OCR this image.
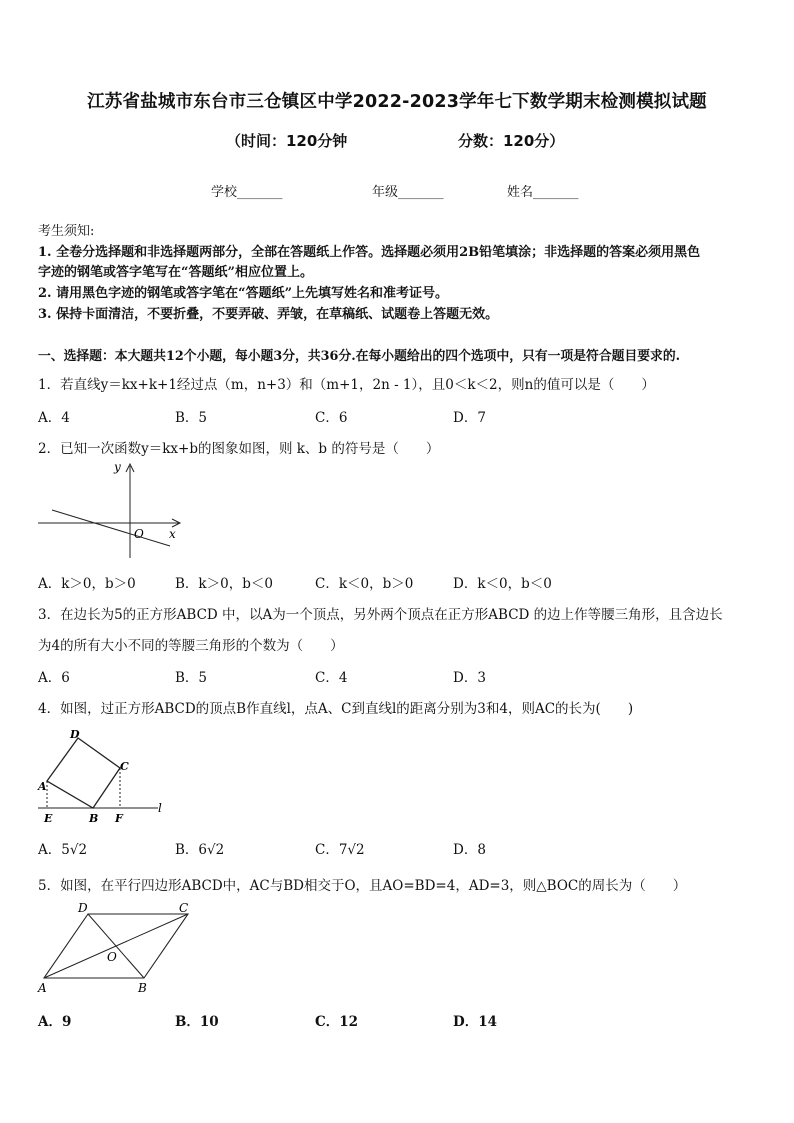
江苏省盐城市东台市三仓镇区中学2022-2023学年七下数学期末检测模拟试题
（时间：120分钟	分数：120分）
学校_______	年级_______	姓名_______
考生须知:
1. 全卷分选择题和非选择题两部分，全部在答题纸上作答。选择题必须用2B铅笔填涂；非选择题的答案必须用黑色
字迹的钢笔或答字笔写在“答题纸”相应位置上。
2. 请用黑色字迹的钢笔或答字笔在“答题纸”上先填写姓名和准考证号。
3. 保持卡面清洁，不要折叠，不要弄破、弄皱，在草稿纸、试题卷上答题无效。
一、选择题：本大题共12个小题，每小题3分，共36分.在每小题给出的四个选项中，只有一项是符合题目要求的.
1．若直线y＝kx+k+1经过点（m，n+3）和（m+1，2n - 1），且0＜k＜2，则n的值可以是（　　）
A．4	B．5	C．6	D．7
2．已知一次函数y＝kx+b的图象如图，则 k、b 的符号是（　　）
y
O x
A．k＞0，b＞0	B．k＞0，b＜0	C．k＜0，b＞0	D．k＜0，b＜0
3．在边长为5的正方形ABCD 中，以A为一个顶点，另外两个顶点在正方形ABCD 的边上作等腰三角形，且含边长
为4的所有大小不同的等腰三角形的个数为（　　）
A．6	B．5	C．4	D．3
4．如图，过正方形ABCD的顶点B作直线l，点A、C到直线l的距离分别为3和4，则AC的长为(　　)
D
C
A
E	B F
l
A．5√2	B．6√2	C．7√2	D．8
5．如图，在平行四边形ABCD中，AC与BD相交于O，且AO=BD=4，AD=3，则△BOC的周长为（　　）
D	C
O
A	B
A．9	B．10	C．12	D．14
